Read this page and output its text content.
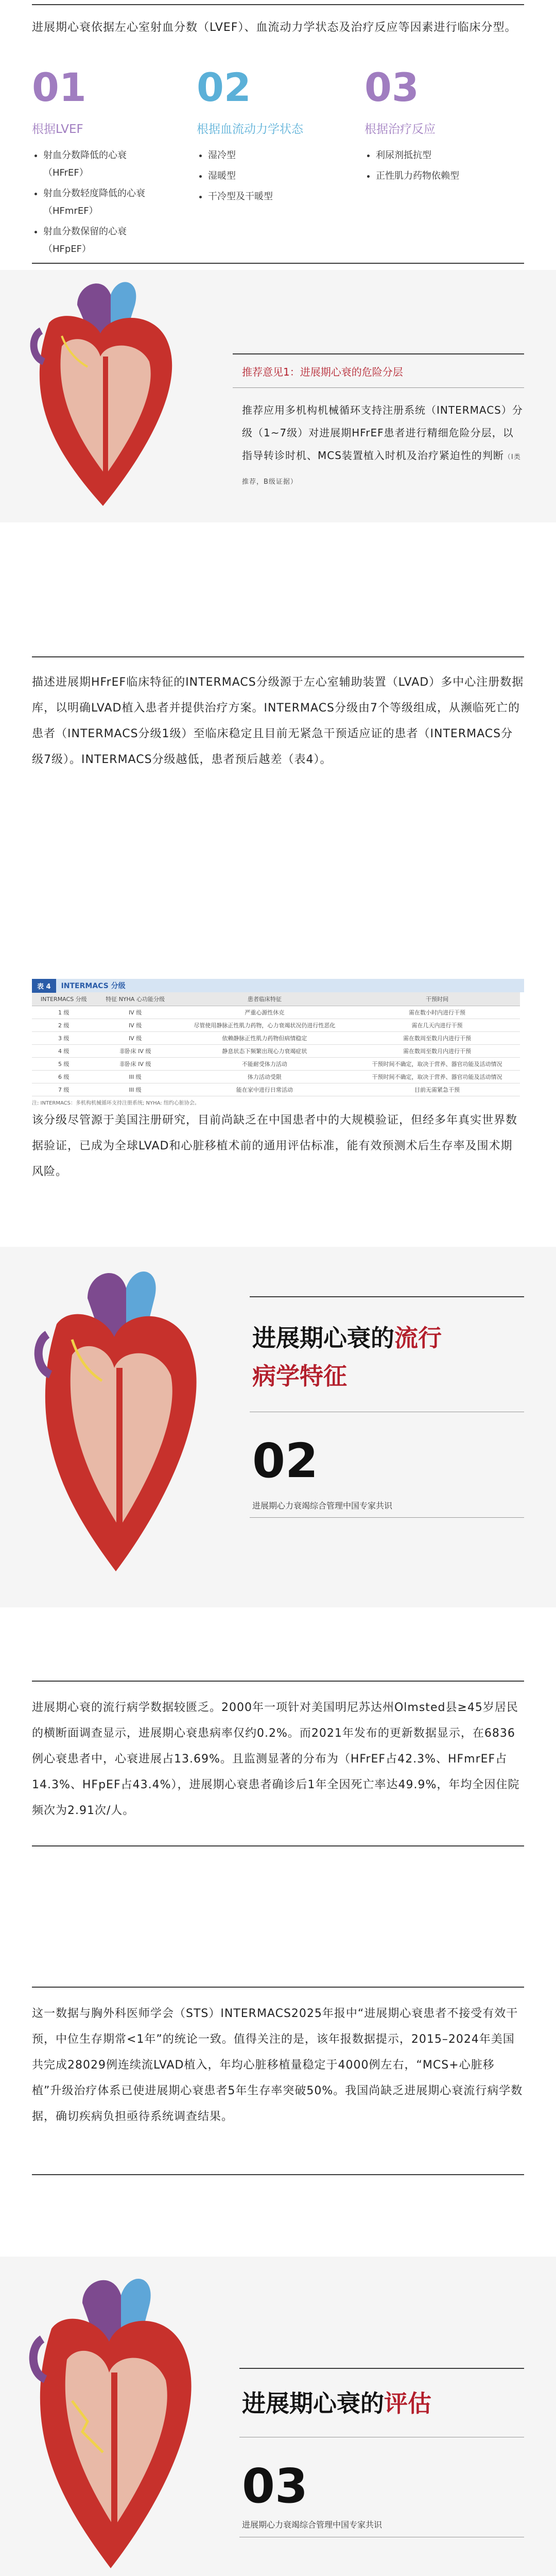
进展期心衰依据左心室射血分数（LVEF）、血流动力学状态及治疗反应等因素进行临床分型。

01
根据LVEF
• 射血分数降低的心衰（HFrEF）
• 射血分数轻度降低的心衰（HFmrEF）
• 射血分数保留的心衰（HFpEF）
02
根据血流动力学状态
• 湿冷型
• 湿暖型
• 干冷型及干暖型
03
根据治疗反应
• 利尿剂抵抗型
• 正性肌力药物依赖型
推荐意见1：进展期心衰的危险分层

推荐应用多机构机械循环支持注册系统（INTERMACS）分级（1~7级）对进展期HFrEF患者进行精细危险分层，以指导转诊时机、MCS装置植入时机及治疗紧迫性的判断（Ⅰ类推荐，B级证据）

描述进展期HFrEF临床特征的INTERMACS分级源于左心室辅助装置（LVAD）多中心注册数据库，以明确LVAD植入患者并提供治疗方案。INTERMACS分级由7个等级组成，从濒临死亡的患者（INTERMACS分级1级）至临床稳定且目前无紧急干预适应证的患者（INTERMACS分级7级）。INTERMACS分级越低，患者预后越差（表4）。

表 4	INTERMACS 分级
INTERMACS 分级	特征 NYHA 心功能分级	患者临床特征	干预时间
1 级	IV 级	严重心源性休克	需在数小时内进行干预
2 级	IV 级	尽管使用静脉正性肌力药物，心力衰竭状况仍进行性恶化	需在几天内进行干预
3 级	IV 级	依赖静脉正性肌力药物但病情稳定	需在数周至数月内进行干预
4 级	非卧床 IV 级	静息状态下频繁出现心力衰竭症状	需在数周至数月内进行干预
5 级	非卧床 IV 级	不能耐受体力活动	干预时间不确定，取决于营养、器官功能及活动情况
6 级	III 级	体力活动受限	干预时间不确定，取决于营养、器官功能及活动情况
7 级	III 级	能在家中进行日常活动	目前无需紧急干预
注: INTERMACS：多机构机械循环支持注册系统; NYHA: 纽约心脏协会。

该分级尽管源于美国注册研究，目前尚缺乏在中国患者中的大规模验证，但经多年真实世界数据验证，已成为全球LVAD和心脏移植术前的通用评估标准，能有效预测术后生存率及围术期风险。

进展期心衰的流行
病学特征
02
进展期心力衰竭综合管理中国专家共识

进展期心衰的流行病学数据较匮乏。2000年一项针对美国明尼苏达州Olmsted县≥45岁居民的横断面调查显示，进展期心衰患病率仅约0.2%。而2021年发布的更新数据显示，在6836例心衰患者中，心衰进展占13.69%。且监测显著的分布为（HFrEF占42.3%、HFmrEF占14.3%、HFpEF占43.4%），进展期心衰患者确诊后1年全因死亡率达49.9%，年均全因住院频次为2.91次/人。

这一数据与胸外科医师学会（STS）INTERMACS2025年报中“进展期心衰患者不接受有效干预，中位生存期常<1年”的统论一致。值得关注的是，该年报数据提示，2015–2024年美国共完成28029例连续流LVAD植入，年均心脏移植量稳定于4000例左右，“MCS+心脏移植”升级治疗体系已使进展期心衰患者5年生存率突破50%。我国尚缺乏进展期心衰流行病学数据，确切疾病负担亟待系统调查结果。

进展期心衰的评估
03
进展期心力衰竭综合管理中国专家共识
